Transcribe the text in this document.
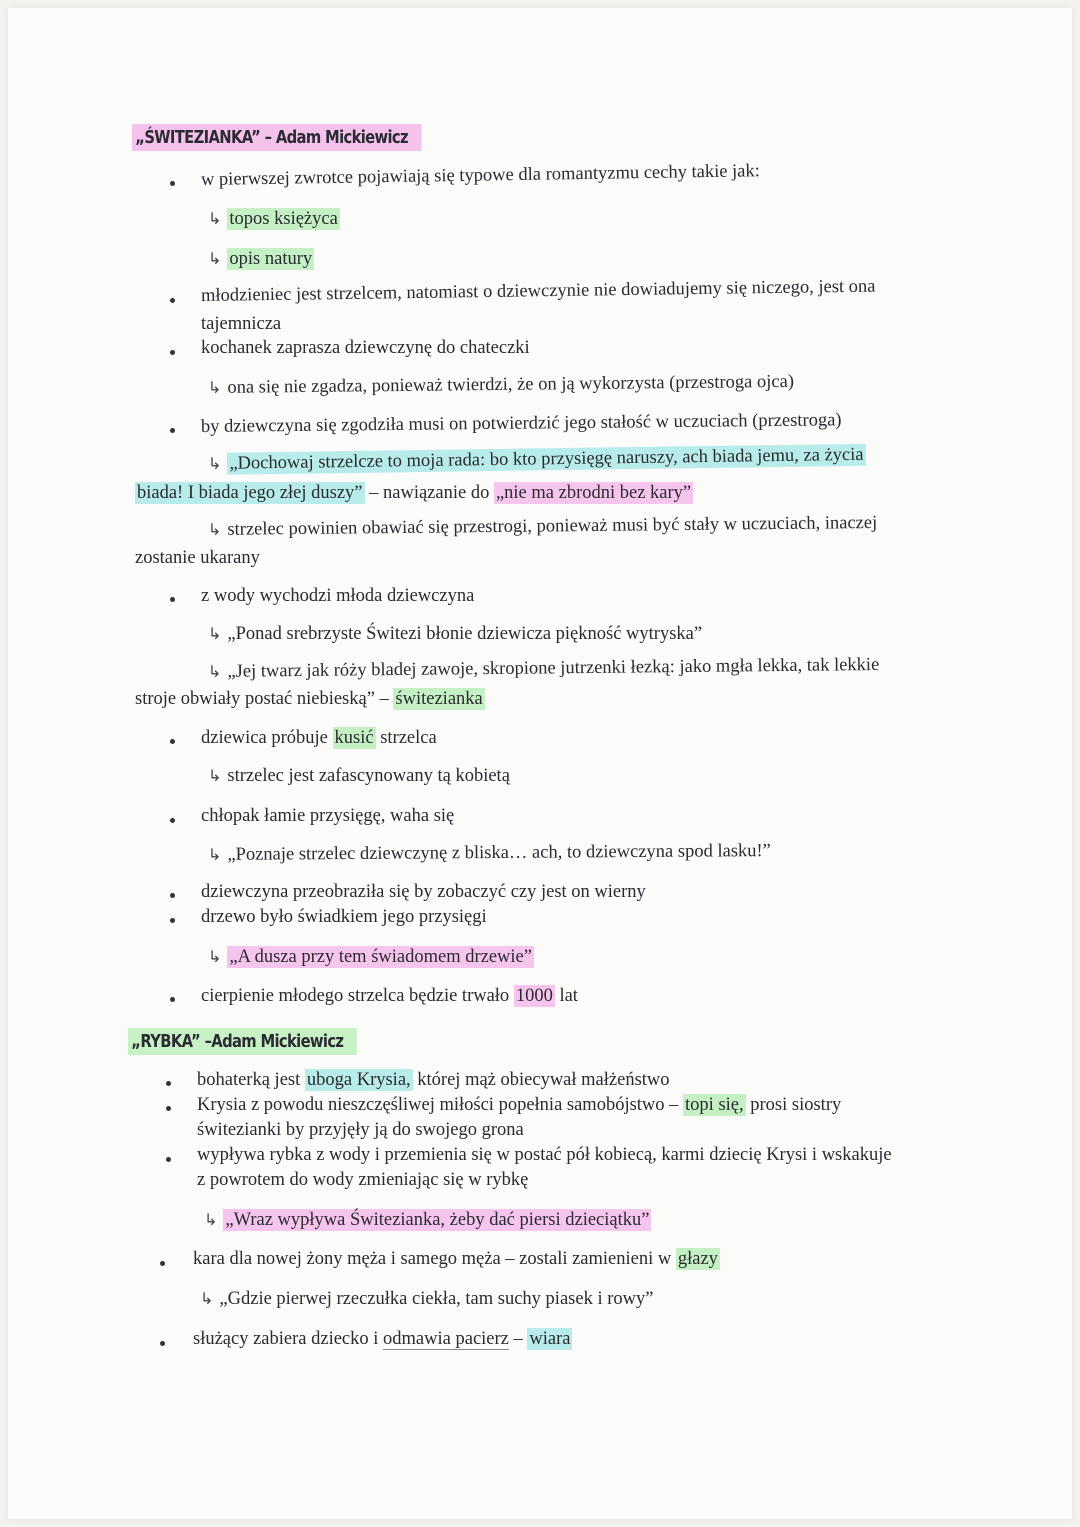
„ŚWITEZIANKA” – Adam Mickiewicz
w pierwszej zwrotce pojawiają się typowe dla romantyzmu cechy takie jak:
↳ topos księżyca
↳ opis natury
młodzieniec jest strzelcem, natomiast o dziewczynie nie dowiadujemy się niczego, jest ona
tajemnicza
kochanek zaprasza dziewczynę do chateczki
↳ ona się nie zgadza, ponieważ twierdzi, że on ją wykorzysta (przestroga ojca)
by dziewczyna się zgodziła musi on potwierdzić jego stałość w uczuciach (przestroga)
↳ „Dochowaj strzelcze to moja rada: bo kto przysięgę naruszy, ach biada jemu, za życia
biada! I biada jego złej duszy” – nawiązanie do „nie ma zbrodni bez kary”
↳ strzelec powinien obawiać się przestrogi, ponieważ musi być stały w uczuciach, inaczej
zostanie ukarany
z wody wychodzi młoda dziewczyna
↳ „Ponad srebrzyste Świtezi błonie dziewicza piękność wytryska”
↳ „Jej twarz jak róży bladej zawoje, skropione jutrzenki łezką: jako mgła lekka, tak lekkie
stroje obwiały postać niebieską” – świtezianka
dziewica próbuje kusić strzelca
↳ strzelec jest zafascynowany tą kobietą
chłopak łamie przysięgę, waha się
↳ „Poznaje strzelec dziewczynę z bliska… ach, to dziewczyna spod lasku!”
dziewczyna przeobraziła się by zobaczyć czy jest on wierny
drzewo było świadkiem jego przysięgi
↳ „A dusza przy tem świadomem drzewie”
cierpienie młodego strzelca będzie trwało 1000 lat
„RYBKA” –Adam Mickiewicz
bohaterką jest uboga Krysia, której mąż obiecywał małżeństwo
Krysia z powodu nieszczęśliwej miłości popełnia samobójstwo – topi się, prosi siostry
świtezianki by przyjęły ją do swojego grona
wypływa rybka z wody i przemienia się w postać pół kobiecą, karmi dziecię Krysi i wskakuje
z powrotem do wody zmieniając się w rybkę
↳ „Wraz wypływa Świtezianka, żeby dać piersi dzieciątku”
kara dla nowej żony męża i samego męża – zostali zamienieni w głazy
↳ „Gdzie pierwej rzeczułka ciekła, tam suchy piasek i rowy”
służący zabiera dziecko i odmawia pacierz – wiara
